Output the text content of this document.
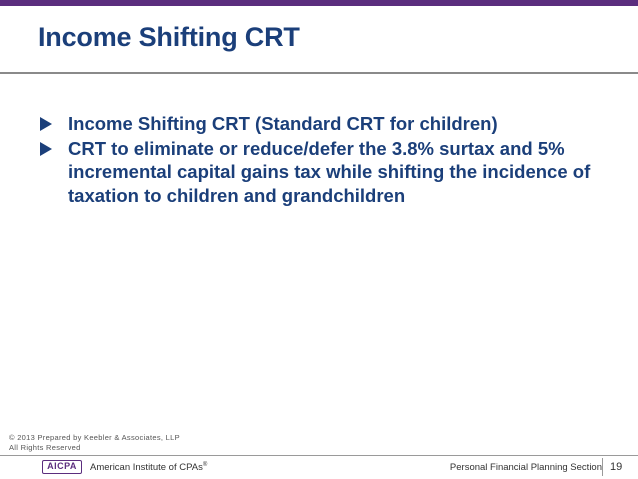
Income Shifting CRT
Income Shifting CRT (Standard CRT for children)
CRT to eliminate or reduce/defer the 3.8% surtax and 5% incremental capital gains tax while shifting the incidence of taxation to children and grandchildren
© 2013 Prepared by Keebler & Associates, LLP
All Rights Reserved
AICPA	American Institute of CPAs®	Personal Financial Planning Section 19
